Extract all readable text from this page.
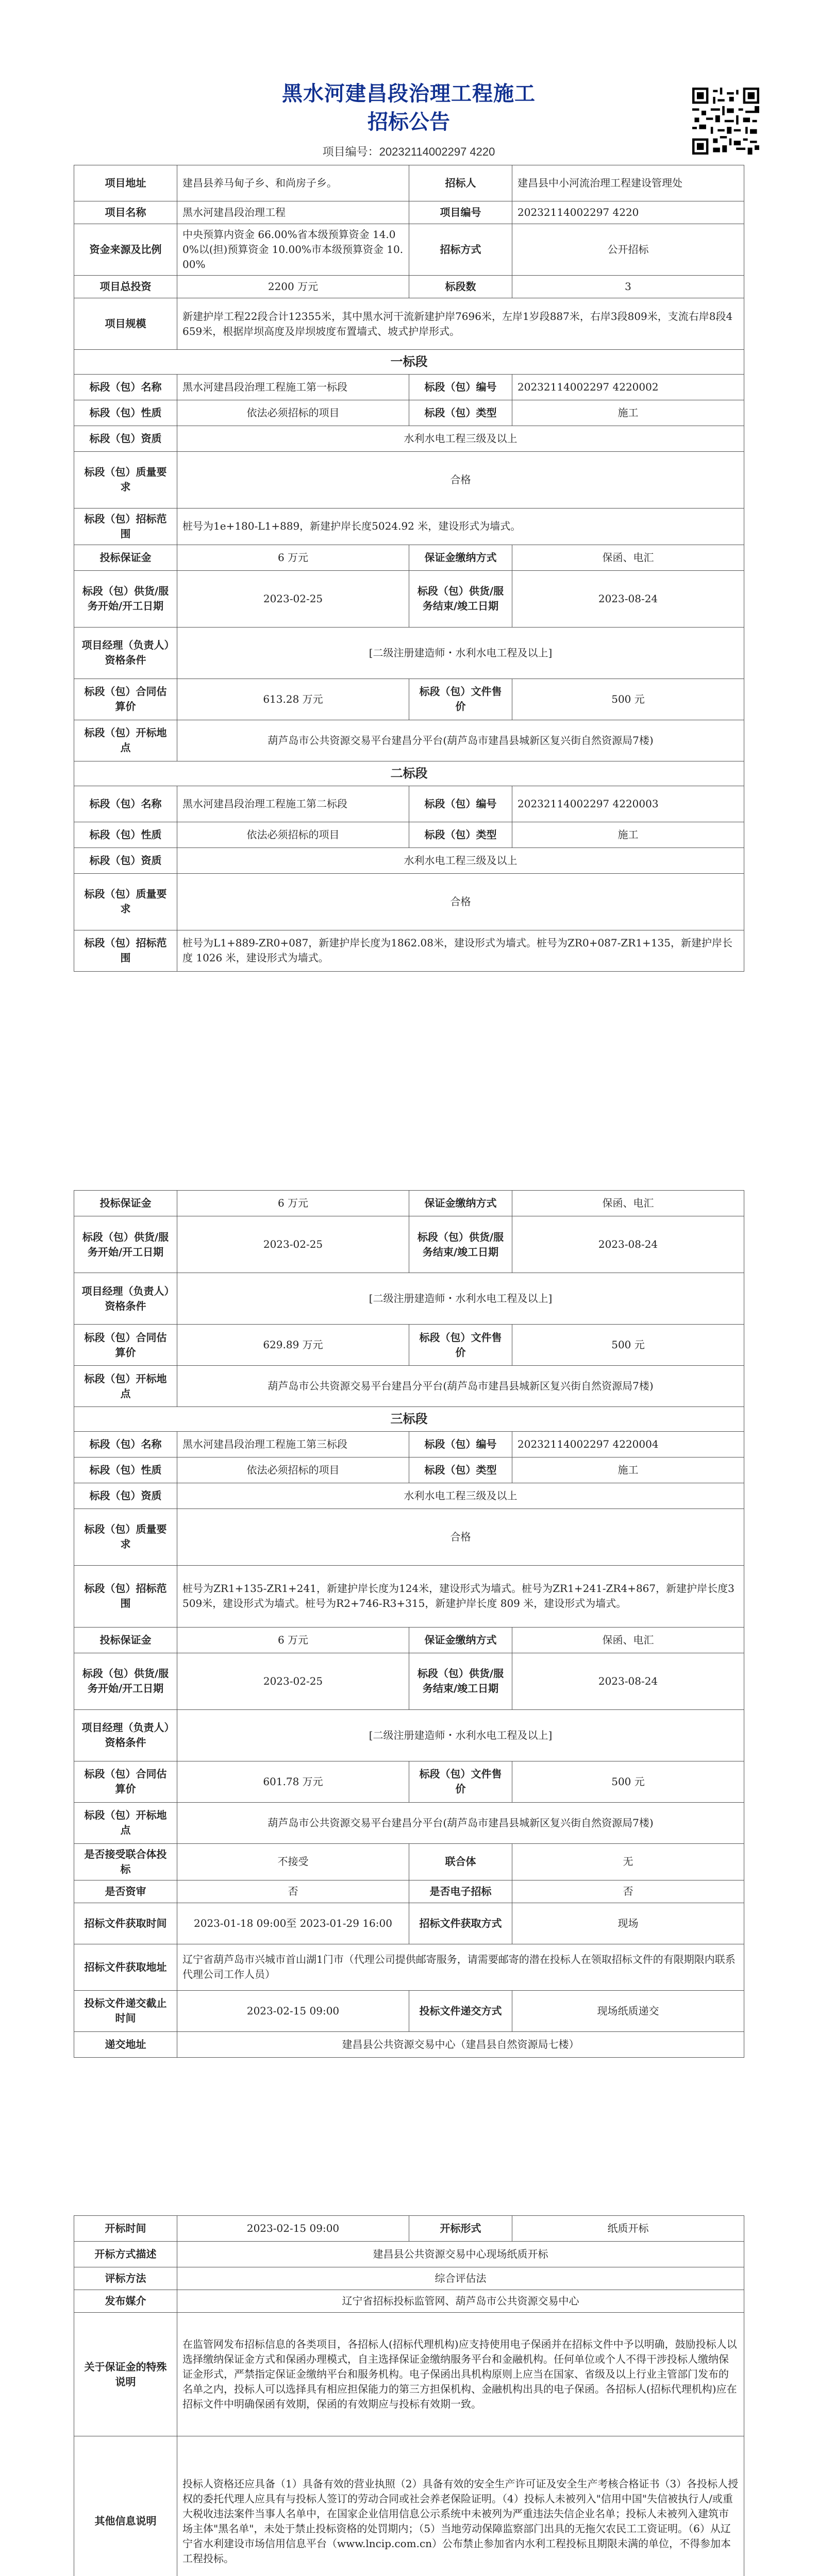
黑水河建昌段治理工程施工
招标公告
项目编号：20232114002297 4220
项目地址	建昌县养马甸子乡、和尚房子乡。	招标人	建昌县中小河流治理工程建设管理处
项目名称	黑水河建昌段治理工程	项目编号	20232114002297 4220
资金来源及比例	中央预算内资金 66.00%省本级预算资金 14.00%以(担)预算资金 10.00%市本级预算资金 10.00%	招标方式	公开招标
项目总投资	2200 万元	标段数	3
项目规模	新建护岸工程22段合计12355米，其中黑水河干流新建护岸7696米，左岸1岁段887米，右岸3段809米，支流右岸8段4659米，根据岸坝高度及岸坝坡度布置墙式、坡式护岸形式。		
一标段			
标段（包）名称	黑水河建昌段治理工程施工第一标段	标段（包）编号	20232114002297 4220002
标段（包）性质	依法必须招标的项目	标段（包）类型	施工
标段（包）资质	水利水电工程三级及以上		
标段（包）质量要求	合格		
标段（包）招标范围	桩号为1e+180-L1+889，新建护岸长度5024.92 米，建设形式为墙式。		
投标保证金	6 万元	保证金缴纳方式	保函、电汇
标段（包）供货/服务开始/开工日期	2023-02-25	标段（包）供货/服务结束/竣工日期	2023-08-24
项目经理（负责人）资格条件	[二级注册建造师・水利水电工程及以上]		
标段（包）合同估算价	613.28 万元	标段（包）文件售价	500 元
标段（包）开标地点	葫芦岛市公共资源交易平台建昌分平台(葫芦岛市建昌县城新区复兴街自然资源局7楼)		
二标段			
标段（包）名称	黑水河建昌段治理工程施工第二标段	标段（包）编号	20232114002297 4220003
标段（包）性质	依法必须招标的项目	标段（包）类型	施工
标段（包）资质	水利水电工程三级及以上		
标段（包）质量要求	合格		
标段（包）招标范围	桩号为L1+889-ZR0+087，新建护岸长度为1862.08米，建设形式为墙式。桩号为ZR0+087-ZR1+135，新建护岸长度 1026 米，建设形式为墙式。		
投标保证金	6 万元	保证金缴纳方式	保函、电汇
标段（包）供货/服务开始/开工日期	2023-02-25	标段（包）供货/服务结束/竣工日期	2023-08-24
项目经理（负责人）资格条件	[二级注册建造师・水利水电工程及以上]		
标段（包）合同估算价	629.89 万元	标段（包）文件售价	500 元
标段（包）开标地点	葫芦岛市公共资源交易平台建昌分平台(葫芦岛市建昌县城新区复兴街自然资源局7楼)		
三标段			
标段（包）名称	黑水河建昌段治理工程施工第三标段	标段（包）编号	20232114002297 4220004
标段（包）性质	依法必须招标的项目	标段（包）类型	施工
标段（包）资质	水利水电工程三级及以上		
标段（包）质量要求	合格		
标段（包）招标范围	桩号为ZR1+135-ZR1+241，新建护岸长度为124米，建设形式为墙式。桩号为ZR1+241-ZR4+867，新建护岸长度3509米，建设形式为墙式。桩号为R2+746-R3+315，新建护岸长度 809 米，建设形式为墙式。		
投标保证金	6 万元	保证金缴纳方式	保函、电汇
标段（包）供货/服务开始/开工日期	2023-02-25	标段（包）供货/服务结束/竣工日期	2023-08-24
项目经理（负责人）资格条件	[二级注册建造师・水利水电工程及以上]		
标段（包）合同估算价	601.78 万元	标段（包）文件售价	500 元
标段（包）开标地点	葫芦岛市公共资源交易平台建昌分平台(葫芦岛市建昌县城新区复兴街自然资源局7楼)		
是否接受联合体投标	不接受	联合体	无
是否资审	否	是否电子招标	否
招标文件获取时间	2023-01-18 09:00至 2023-01-29 16:00	招标文件获取方式	现场
招标文件获取地址	辽宁省葫芦岛市兴城市首山湖1门市（代理公司提供邮寄服务，请需要邮寄的潜在投标人在领取招标文件的有限期限内联系代理公司工作人员）		
投标文件递交截止时间	2023-02-15 09:00	投标文件递交方式	现场纸质递交
递交地址	建昌县公共资源交易中心（建昌县自然资源局七楼）		
开标时间	2023-02-15 09:00	开标形式	纸质开标
开标方式描述	建昌县公共资源交易中心现场纸质开标		
评标方法	综合评估法		
发布媒介	辽宁省招标投标监管网、葫芦岛市公共资源交易中心		
关于保证金的特殊说明	在监管网发布招标信息的各类项目，各招标人(招标代理机构)应支持使用电子保函并在招标文件中予以明确，鼓励投标人以选择缴纳保证金方式和保函办理模式，自主选择保证金缴纳服务平台和金融机构。任何单位或个人不得干涉投标人缴纳保证金形式，严禁指定保证金缴纳平台和服务机构。电子保函出具机构原则上应当在国家、省级及以上行业主管部门发布的名单之内，投标人可以选择具有相应担保能力的第三方担保机构、金融机构出具的电子保函。各招标人(招标代理机构)应在招标文件中明确保函有效期，保函的有效期应与投标有效期一致。		
其他信息说明	投标人资格还应具备（1）具备有效的营业执照（2）具备有效的安全生产许可证及安全生产考核合格证书（3）各投标人授权的委托代理人应具有与投标人签订的劳动合同或社会养老保险证明。（4）投标人未被列入"信用中国"失信被执行人/或重大税收违法案件当事人名单中，在国家企业信用信息公示系统中未被列为严重违法失信企业名单；投标人未被列入建筑市场主体"黑名单"，未处于禁止投标资格的处罚期内；（5）当地劳动保障监察部门出具的无拖欠农民工工资证明。（6）从辽宁省水利建设市场信用信息平台（www.lncip.com.cn）公布禁止参加省内水利工程投标且期限未满的单位，不得参加本工程投标。		
